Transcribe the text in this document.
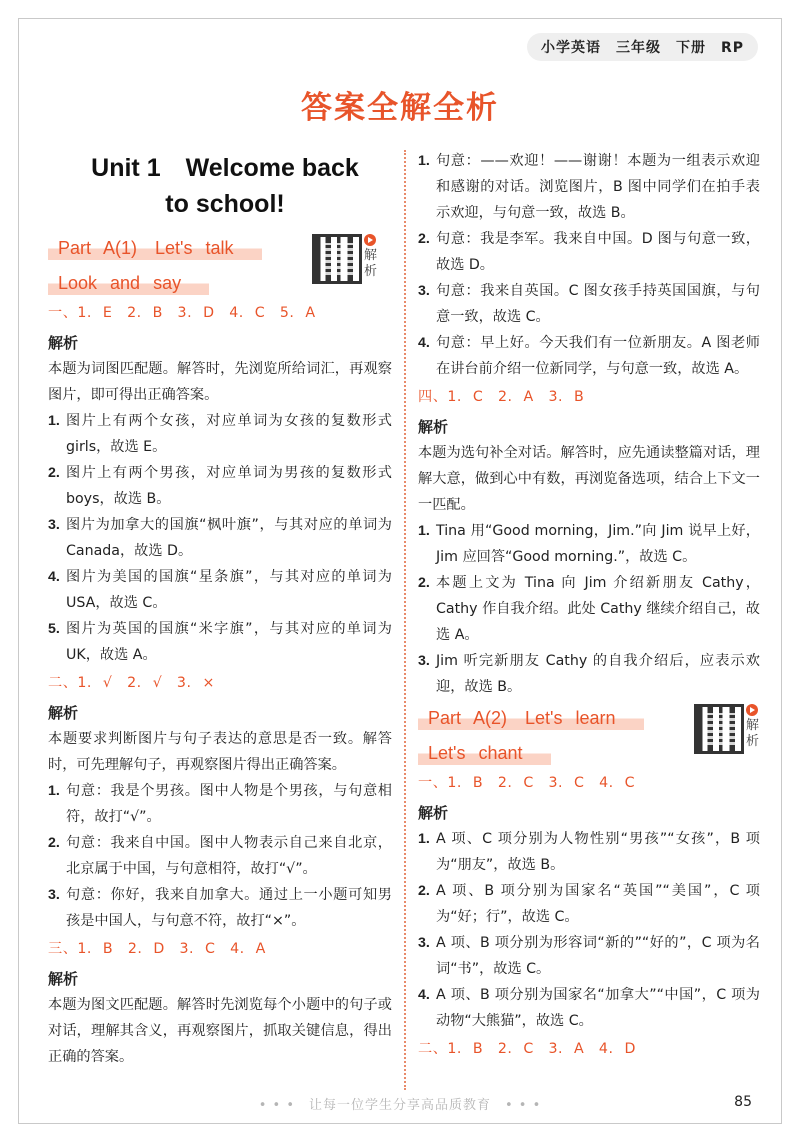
小学英语　三年级　下册　RP
答案全解全析
Unit 1　Welcome back
to school!
Part A(1)　Let's talk
Look and say
解析
一、1. E　2. B　3. D　4. C　5. A
解析
本题为词图匹配题。解答时，先浏览所给词汇，再观察图片，即可得出正确答案。
1. 图片上有两个女孩，对应单词为女孩的复数形式 girls，故选 E。
2. 图片上有两个男孩，对应单词为男孩的复数形式 boys，故选 B。
3. 图片为加拿大的国旗“枫叶旗”，与其对应的单词为 Canada，故选 D。
4. 图片为美国的国旗“星条旗”，与其对应的单词为 USA，故选 C。
5. 图片为英国的国旗“米字旗”，与其对应的单词为 UK，故选 A。
二、1. √　2. √　3. ×
解析
本题要求判断图片与句子表达的意思是否一致。解答时，可先理解句子，再观察图片得出正确答案。
1. 句意：我是个男孩。图中人物是个男孩，与句意相符，故打“√”。
2. 句意：我来自中国。图中人物表示自己来自北京，北京属于中国，与句意相符，故打“√”。
3. 句意：你好，我来自加拿大。通过上一小题可知男孩是中国人，与句意不符，故打“×”。
三、1. B　2. D　3. C　4. A
解析
本题为图文匹配题。解答时先浏览每个小题中的句子或对话，理解其含义，再观察图片，抓取关键信息，得出正确的答案。
1. 句意：——欢迎！——谢谢！本题为一组表示欢迎和感谢的对话。浏览图片，B 图中同学们在拍手表示欢迎，与句意一致，故选 B。
2. 句意：我是李军。我来自中国。D 图与句意一致，故选 D。
3. 句意：我来自英国。C 图女孩手持英国国旗，与句意一致，故选 C。
4. 句意：早上好。今天我们有一位新朋友。A 图老师在讲台前介绍一位新同学，与句意一致，故选 A。
四、1. C　2. A　3. B
解析
本题为选句补全对话。解答时，应先通读整篇对话，理解大意，做到心中有数，再浏览备选项，结合上下文一一匹配。
1. Tina 用“Good morning，Jim.”向 Jim 说早上好，Jim 应回答“Good morning.”，故选 C。
2. 本题上文为 Tina 向 Jim 介绍新朋友 Cathy，Cathy 作自我介绍。此处 Cathy 继续介绍自己，故选 A。
3. Jim 听完新朋友 Cathy 的自我介绍后，应表示欢迎，故选 B。
Part A(2)　Let's learn
Let's chant
解析
一、1. B　2. C　3. C　4. C
解析
1. A 项、C 项分别为人物性别“男孩”“女孩”，B 项为“朋友”，故选 B。
2. A 项、B 项分别为国家名“英国”“美国”，C 项为“好；行”，故选 C。
3. A 项、B 项分别为形容词“新的”“好的”，C 项为名词“书”，故选 C。
4. A 项、B 项分别为国家名“加拿大”“中国”，C 项为动物“大熊猫”，故选 C。
二、1. B　2. C　3. A　4. D
• • •　让每一位学生分享高品质教育　• • •	85
